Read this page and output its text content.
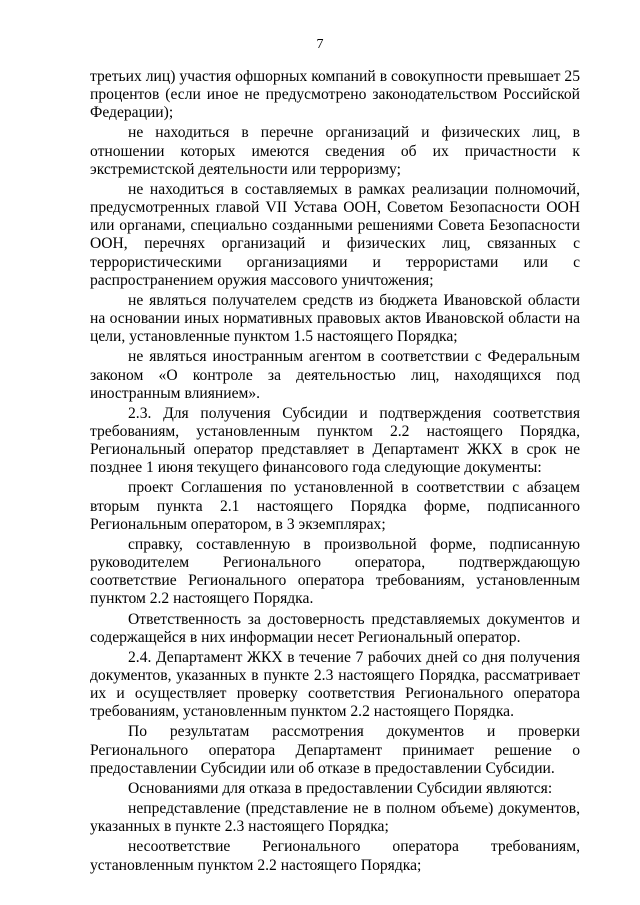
7

третьих лиц) участия офшорных компаний в совокупности превышает 25 процентов (если иное не предусмотрено законодательством Российской Федерации);

не находиться в перечне организаций и физических лиц, в отношении которых имеются сведения об их причастности к экстремистской деятельности или терроризму;

не находиться в составляемых в рамках реализации полномочий, предусмотренных главой VII Устава ООН, Советом Безопасности ООН или органами, специально созданными решениями Совета Безопасности ООН, перечнях организаций и физических лиц, связанных с террористическими организациями и террористами или с распространением оружия массового уничтожения;

не являться получателем средств из бюджета Ивановской области на основании иных нормативных правовых актов Ивановской области на цели, установленные пунктом 1.5 настоящего Порядка;

не являться иностранным агентом в соответствии с Федеральным законом «О контроле за деятельностью лиц, находящихся под иностранным влиянием».

2.3. Для получения Субсидии и подтверждения соответствия требованиям, установленным пунктом 2.2 настоящего Порядка, Региональный оператор представляет в Департамент ЖКХ в срок не позднее 1 июня текущего финансового года следующие документы:

проект Соглашения по установленной в соответствии с абзацем вторым пункта 2.1 настоящего Порядка форме, подписанного Региональным оператором, в 3 экземплярах;

справку, составленную в произвольной форме, подписанную руководителем Регионального оператора, подтверждающую соответствие Регионального оператора требованиям, установленным пунктом 2.2 настоящего Порядка.

Ответственность за достоверность представляемых документов и содержащейся в них информации несет Региональный оператор.

2.4. Департамент ЖКХ в течение 7 рабочих дней со дня получения документов, указанных в пункте 2.3 настоящего Порядка, рассматривает их и осуществляет проверку соответствия Регионального оператора требованиям, установленным пунктом 2.2 настоящего Порядка.

По результатам рассмотрения документов и проверки Регионального оператора Департамент принимает решение о предоставлении Субсидии или об отказе в предоставлении Субсидии.

Основаниями для отказа в предоставлении Субсидии являются:

непредставление (представление не в полном объеме) документов, указанных в пункте 2.3 настоящего Порядка;

несоответствие Регионального оператора требованиям, установленным пунктом 2.2 настоящего Порядка;
